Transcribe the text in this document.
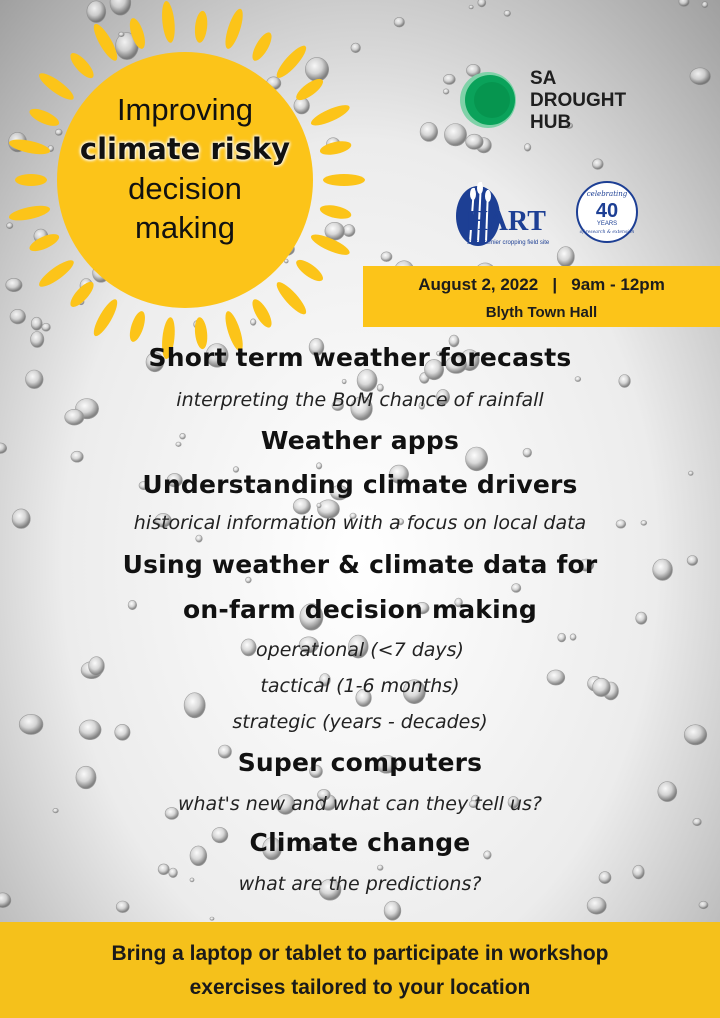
Improving
climate risky
decision
making
SA
DROUGHT
HUB
HART
SA's premier cropping field site
celebrating
40
YEARS
of research & extension
August 2, 2022   |   9am - 12pm
Blyth Town Hall
Short term weather forecasts
interpreting the BoM chance of rainfall
Weather apps
Understanding climate drivers
historical information with a focus on local data
Using weather & climate data for
on-farm decision making
operational (<7 days)
tactical (1-6 months)
strategic (years - decades)
Super computers
what's new and what can they tell us?
Climate change
what are the predictions?
Bring a laptop or tablet to participate in workshop
exercises tailored to your location
